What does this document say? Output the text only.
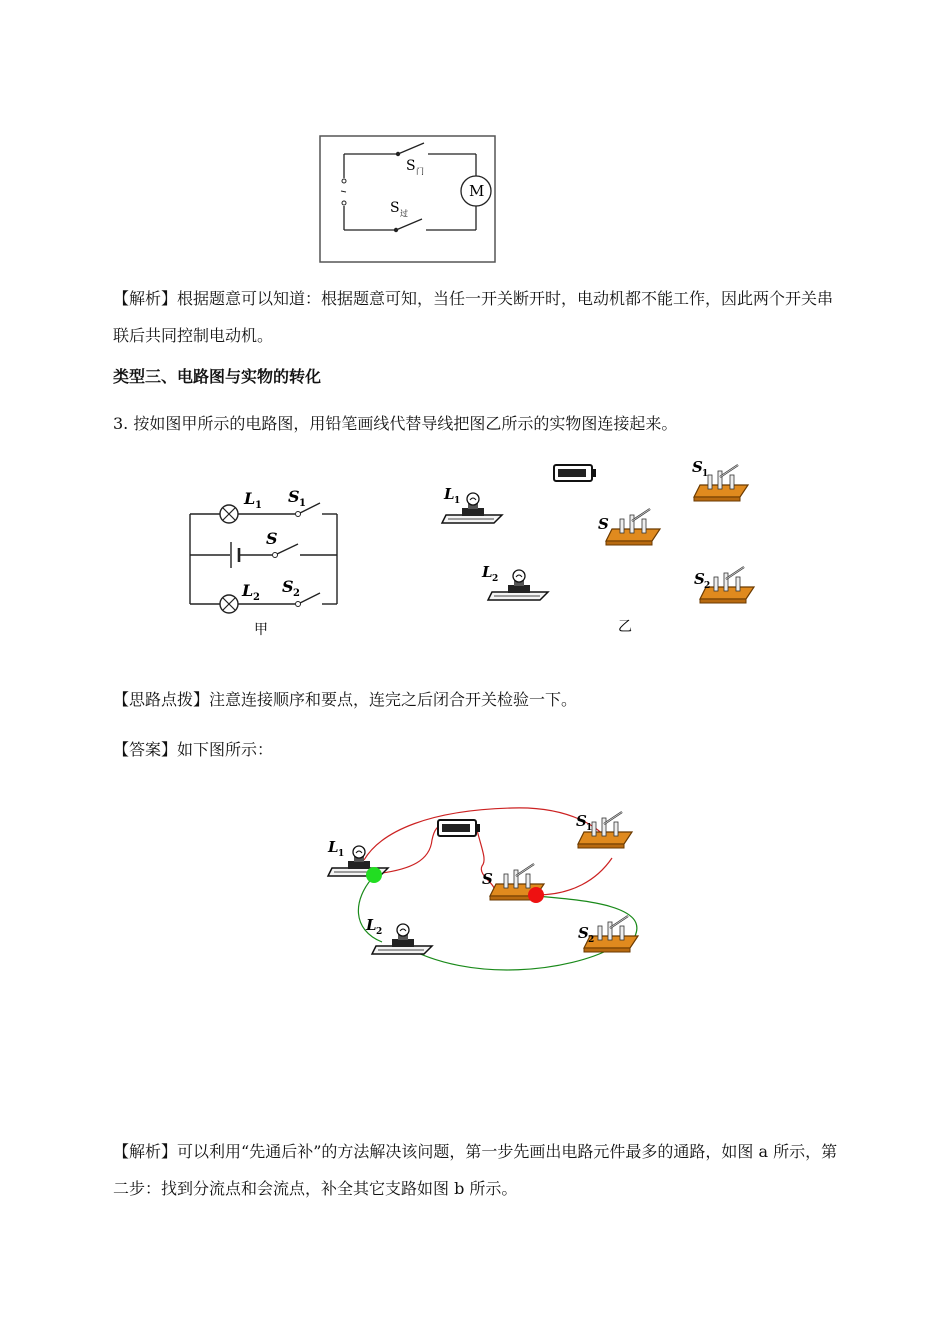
M
S 门
S 过
【解析】根据题意可以知道：根据题意可知，当任一开关断开时，电动机都不能工作，因此两个开关串联后共同控制电动机。
类型三、电路图与实物的转化
3. 按如图甲所示的电路图，用铅笔画线代替导线把图乙所示的实物图连接起来。
L 1 S 1
S
L 2
S 2
甲
L 1
L 2
S
S 1
S 2
乙
【思路点拨】注意连接顺序和要点，连完之后闭合开关检验一下。
【答案】如下图所示：
L 1
L 2
S
S 1
S 2
【解析】可以利用“先通后补”的方法解决该问题，第一步先画出电路元件最多的通路，如图 a 所示，第二步：找到分流点和会流点，补全其它支路如图 b 所示。
